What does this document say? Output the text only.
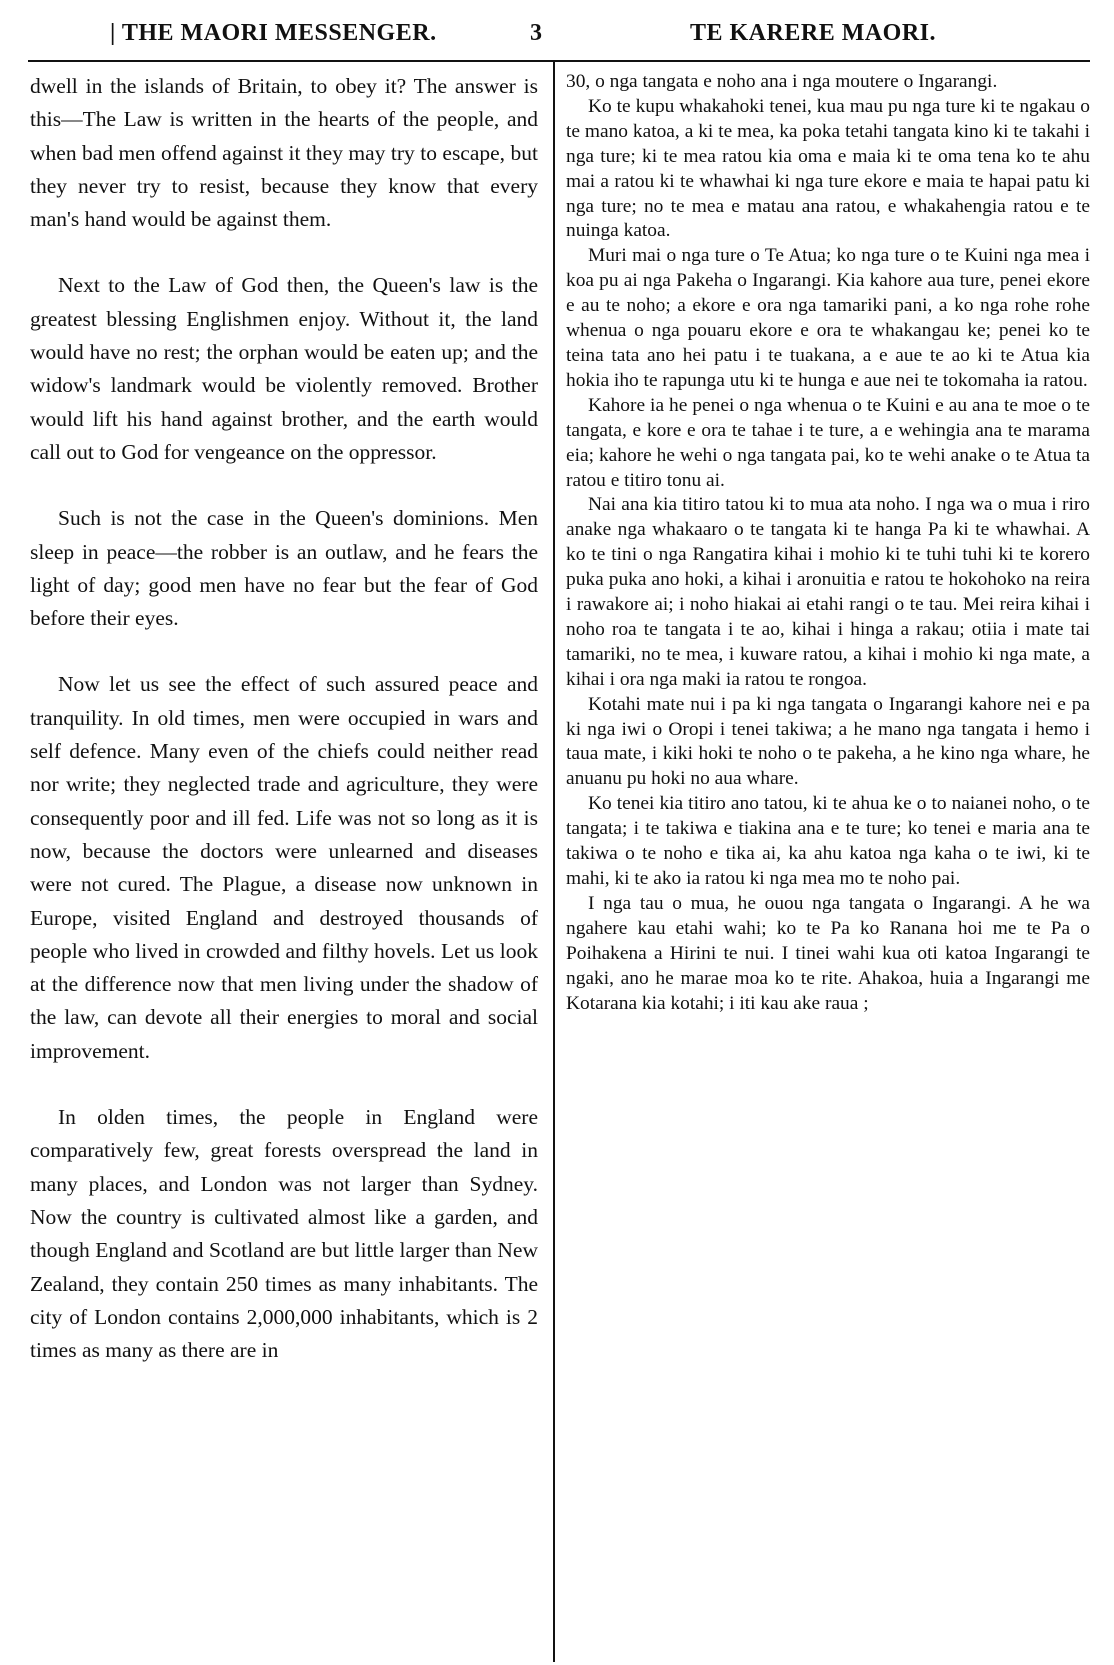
| THE MAORI MESSENGER.	3	TE KARERE MAORI.

dwell in the islands of Britain, to obey it? The answer is this—The Law is written in the hearts of the people, and when bad men offend against it they may try to escape, but they never try to resist, because they know that every man's hand would be against them.

Next to the Law of God then, the Queen's law is the greatest blessing Englishmen enjoy. Without it, the land would have no rest; the orphan would be eaten up; and the widow's landmark would be violently removed. Brother would lift his hand against brother, and the earth would call out to God for vengeance on the oppressor.

Such is not the case in the Queen's dominions. Men sleep in peace—the robber is an outlaw, and he fears the light of day; good men have no fear but the fear of God before their eyes.

Now let us see the effect of such assured peace and tranquility. In old times, men were occupied in wars and self defence. Many even of the chiefs could neither read nor write; they neglected trade and agriculture, they were consequently poor and ill fed. Life was not so long as it is now, because the doctors were unlearned and diseases were not cured. The Plague, a disease now unknown in Europe, visited England and destroyed thousands of people who lived in crowded and filthy hovels. Let us look at the difference now that men living under the shadow of the law, can devote all their energies to moral and social improvement.

In olden times, the people in England were comparatively few, great forests overspread the land in many places, and London was not larger than Sydney. Now the country is cultivated almost like a garden, and though England and Scotland are but little larger than New Zealand, they contain 250 times as many inhabitants. The city of London contains 2,000,000 inhabitants, which is 2 times as many as there are in

30, o nga tangata e noho ana i nga moutere o Ingarangi.

Ko te kupu whakahoki tenei, kua mau pu nga ture ki te ngakau o te mano katoa, a ki te mea, ka poka tetahi tangata kino ki te takahi i nga ture; ki te mea ratou kia oma e maia ki te oma tena ko te ahu mai a ratou ki te whawhai ki nga ture ekore e maia te hapai patu ki nga ture; no te mea e matau ana ratou, e whakahengia ratou e te nuinga katoa.

Muri mai o nga ture o Te Atua; ko nga ture o te Kuini nga mea i koa pu ai nga Pakeha o Ingarangi. Kia kahore aua ture, penei ekore e au te noho; a ekore e ora nga tamariki pani, a ko nga rohe rohe whenua o nga pouaru ekore e ora te whakangau ke; penei ko te teina tata ano hei patu i te tuakana, a e aue te ao ki te Atua kia hokia iho te rapunga utu ki te hunga e aue nei te tokomaha ia ratou.

Kahore ia he penei o nga whenua o te Kuini e au ana te moe o te tangata, e kore e ora te tahae i te ture, a e wehingia ana te marama eia; kahore he wehi o nga tangata pai, ko te wehi anake o te Atua ta ratou e titiro tonu ai.

Nai ana kia titiro tatou ki to mua ata noho. I nga wa o mua i riro anake nga whakaaro o te tangata ki te hanga Pa ki te whawhai. A ko te tini o nga Rangatira kihai i mohio ki te tuhi tuhi ki te korero puka puka ano hoki, a kihai i aronuitia e ratou te hokohoko na reira i rawakore ai; i noho hiakai ai etahi rangi o te tau. Mei reira kihai i noho roa te tangata i te ao, kihai i hinga a rakau; otiia i mate tai tamariki, no te mea, i kuware ratou, a kihai i mohio ki nga mate, a kihai i ora nga maki ia ratou te rongoa.

Kotahi mate nui i pa ki nga tangata o Ingarangi kahore nei e pa ki nga iwi o Oropi i tenei takiwa; a he mano nga tangata i hemo i taua mate, i kiki hoki te noho o te pakeha, a he kino nga whare, he anuanu pu hoki no aua whare.

Ko tenei kia titiro ano tatou, ki te ahua ke o to naianei noho, o te tangata; i te takiwa e tiakina ana e te ture; ko tenei e maria ana te takiwa o te noho e tika ai, ka ahu katoa nga kaha o te iwi, ki te mahi, ki te ako ia ratou ki nga mea mo te noho pai.

I nga tau o mua, he ouou nga tangata o Ingarangi. A he wa ngahere kau etahi wahi; ko te Pa ko Ranana hoi me te Pa o Poihakena a Hirini te nui. I tinei wahi kua oti katoa Ingarangi te ngaki, ano he marae moa ko te rite. Ahakoa, huia a Ingarangi me Kotarana kia kotahi; i iti kau ake raua ;
